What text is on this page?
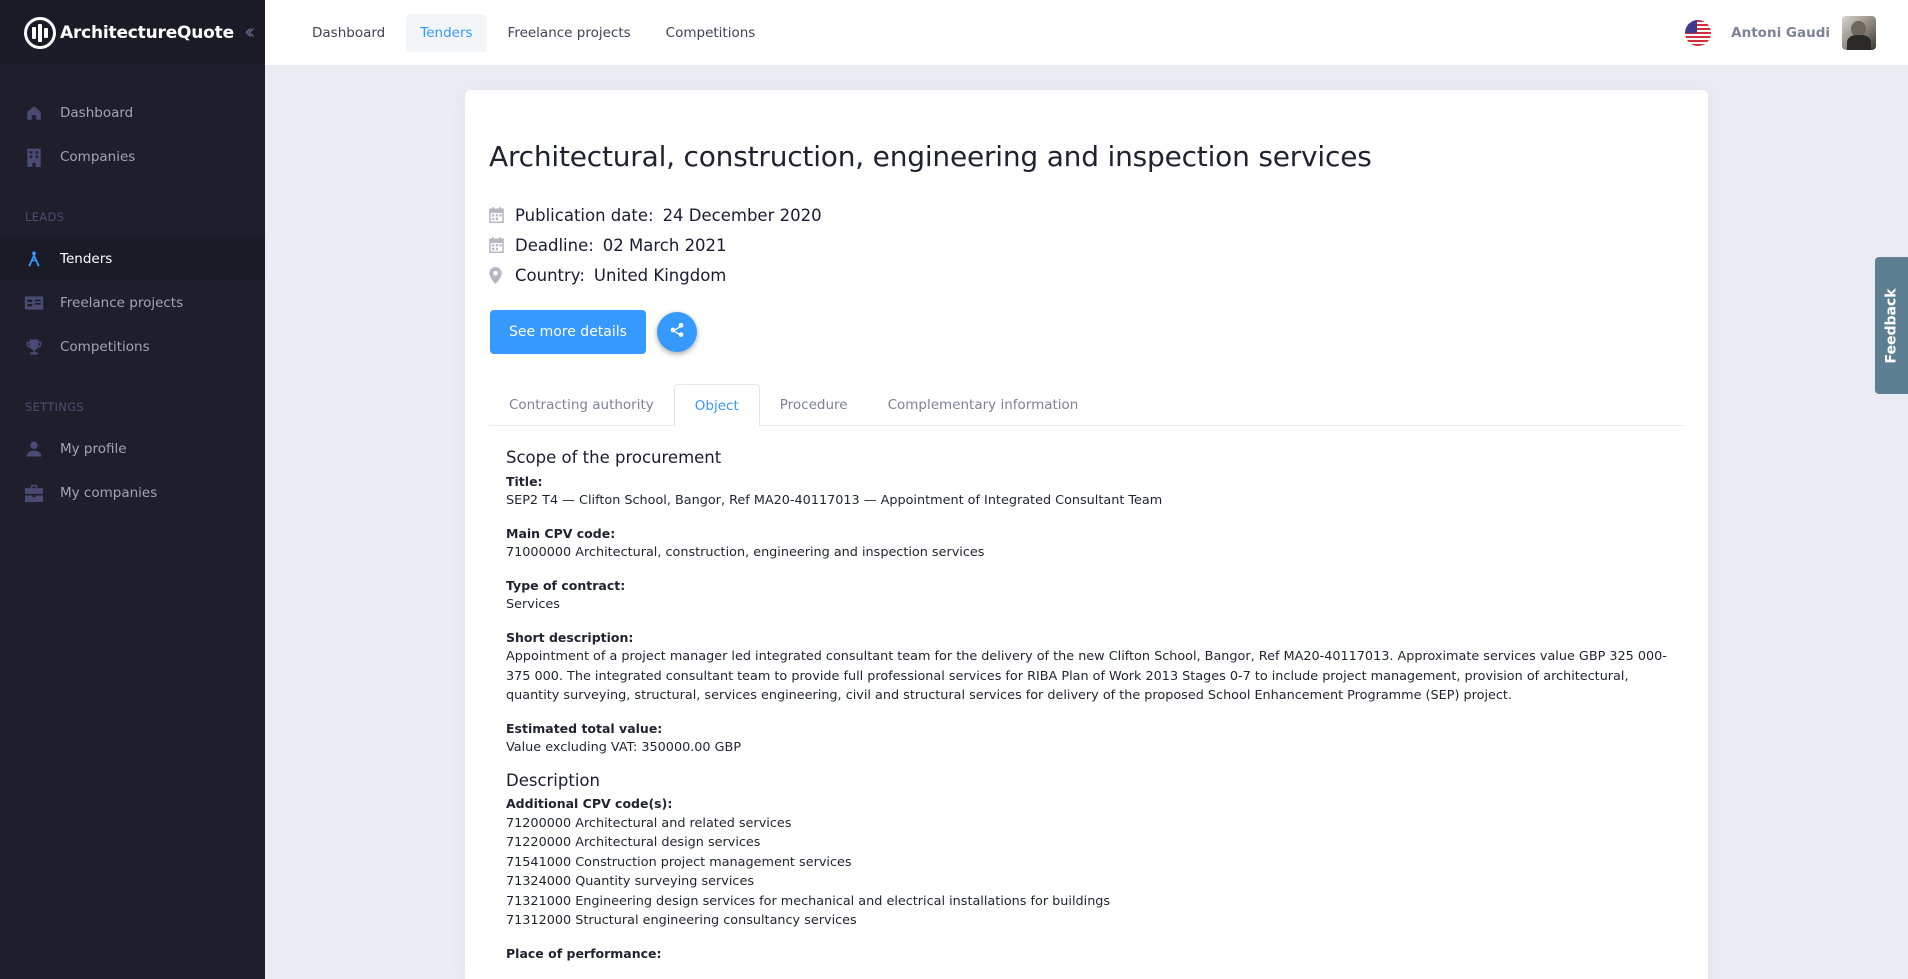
ArchitectureQuote ‹‹
Dashboard
Companies
LEADS
Tenders
Freelance projects
Competitions
SETTINGS
My profile
My companies
Dashboard	Tenders	Freelance projects	Competitions	Antoni Gaudi
Architectural, construction, engineering and inspection services
Publication date: 24 December 2020
Deadline: 02 March 2021
Country: United Kingdom
See more details
Contracting authority	Object	Procedure	Complementary information
Scope of the procurement
Title:
SEP2 T4 — Clifton School, Bangor, Ref MA20-40117013 — Appointment of Integrated Consultant Team
Main CPV code:
71000000 Architectural, construction, engineering and inspection services
Type of contract:
Services
Short description:
Appointment of a project manager led integrated consultant team for the delivery of the new Clifton School, Bangor, Ref MA20-40117013. Approximate services value GBP 325 000-375 000. The integrated consultant team to provide full professional services for RIBA Plan of Work 2013 Stages 0-7 to include project management, provision of architectural, quantity surveying, structural, services engineering, civil and structural services for delivery of the proposed School Enhancement Programme (SEP) project.
Estimated total value:
Value excluding VAT: 350000.00 GBP
Description
Additional CPV code(s):
71200000 Architectural and related services
71220000 Architectural design services
71541000 Construction project management services
71324000 Quantity surveying services
71321000 Engineering design services for mechanical and electrical installations for buildings
71312000 Structural engineering consultancy services
Place of performance:
Feedback
